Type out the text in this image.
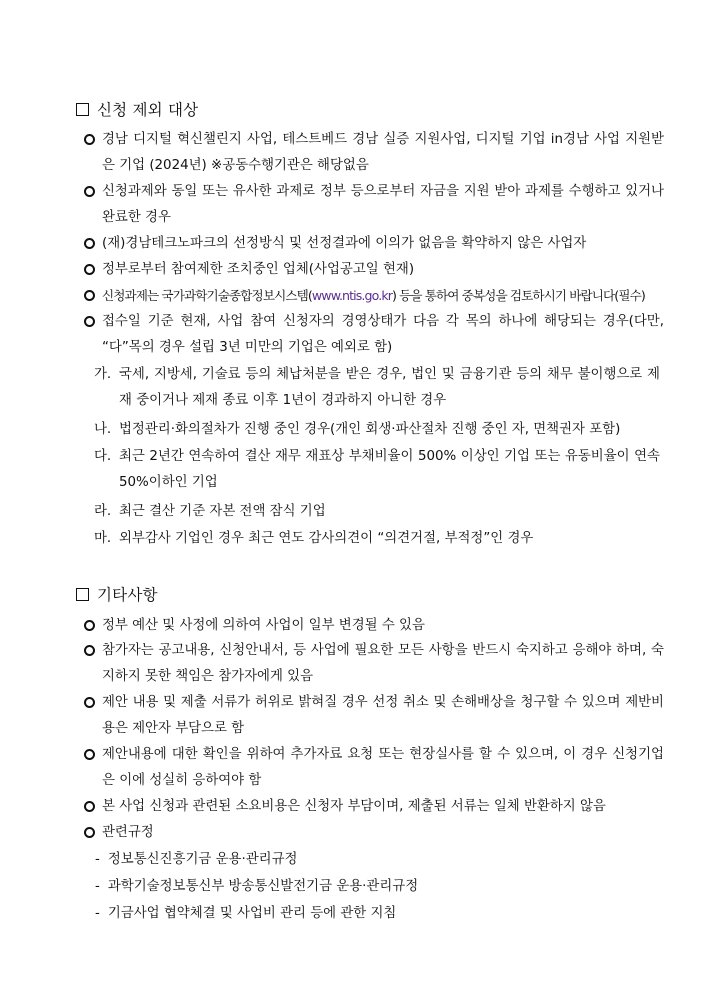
신청 제외 대상
경남 디지털 혁신챌린지 사업, 테스트베드 경남 실증 지원사업, 디지털 기업 in경남 사업 지원받은 기업 (2024년) ※공동수행기관은 해당없음
신청과제와 동일 또는 유사한 과제로 정부 등으로부터 자금을 지원 받아 과제를 수행하고 있거나 완료한 경우
(재)경남테크노파크의 선정방식 및 선정결과에 이의가 없음을 확약하지 않은 사업자
정부로부터 참여제한 조치중인 업체(사업공고일 현재)
신청과제는 국가과학기술종합정보시스템(www.ntis.go.kr) 등을 통하여 중복성을 검토하시기 바랍니다(필수)
접수일 기준 현재, 사업 참여 신청자의 경영상태가 다음 각 목의 하나에 해당되는 경우(다만, “다”목의 경우 설립 3년 미만의 기업은 예외로 함)
가. 국세, 지방세, 기술료 등의 체납처분을 받은 경우, 법인 및 금융기관 등의 채무 불이행으로 제재 중이거나 제재 종료 이후 1년이 경과하지 아니한 경우
나. 법정관리·화의절차가 진행 중인 경우(개인 회생·파산절차 진행 중인 자, 면책권자 포함)
다. 최근 2년간 연속하여 결산 재무 재표상 부채비율이 500% 이상인 기업 또는 유동비율이 연속 50%이하인 기업
라. 최근 결산 기준 자본 전액 잠식 기업
마. 외부감사 기업인 경우 최근 연도 감사의견이 “의견거절, 부적정”인 경우
기타사항
정부 예산 및 사정에 의하여 사업이 일부 변경될 수 있음
참가자는 공고내용, 신청안내서, 등 사업에 필요한 모든 사항을 반드시 숙지하고 응해야 하며, 숙지하지 못한 책임은 참가자에게 있음
제안 내용 및 제출 서류가 허위로 밝혀질 경우 선정 취소 및 손해배상을 청구할 수 있으며 제반비용은 제안자 부담으로 함
제안내용에 대한 확인을 위하여 추가자료 요청 또는 현장실사를 할 수 있으며, 이 경우 신청기업은 이에 성실히 응하여야 함
본 사업 신청과 관련된 소요비용은 신청자 부담이며, 제출된 서류는 일체 반환하지 않음
관련규정
- 정보통신진흥기금 운용·관리규정
- 과학기술정보통신부 방송통신발전기금 운용·관리규정
- 기금사업 협약체결 및 사업비 관리 등에 관한 지침
